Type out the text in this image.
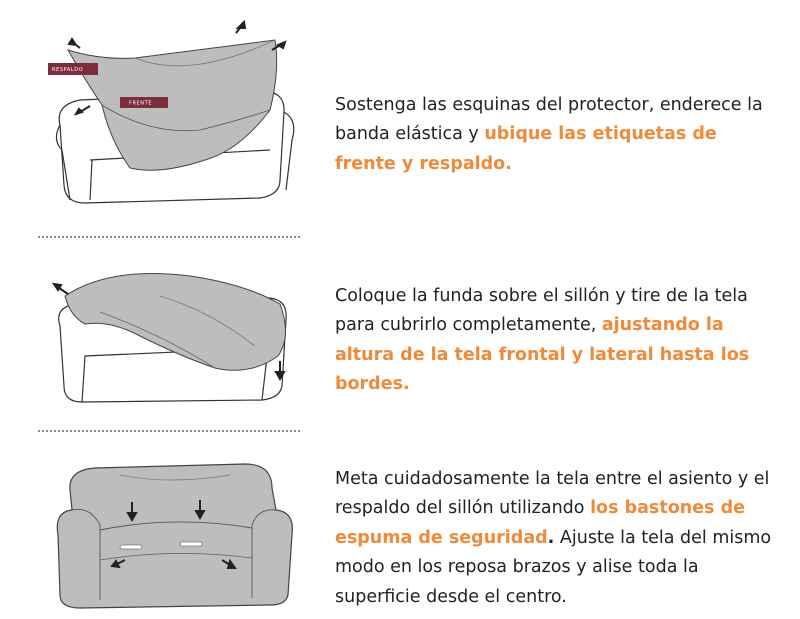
RESPALDO
FRENTE	Sostenga las esquinas del protector, enderece la banda elástica y ubique las etiquetas de frente y respaldo.

Coloque la funda sobre el sillón y tire de la tela para cubrirlo completamente, ajustando la altura de la tela frontal y lateral hasta los bordes.

Meta cuidadosamente la tela entre el asiento y el respaldo del sillón utilizando los bastones de espuma de seguridad. Ajuste la tela del mismo modo en los reposa brazos y alise toda la superficie desde el centro.
